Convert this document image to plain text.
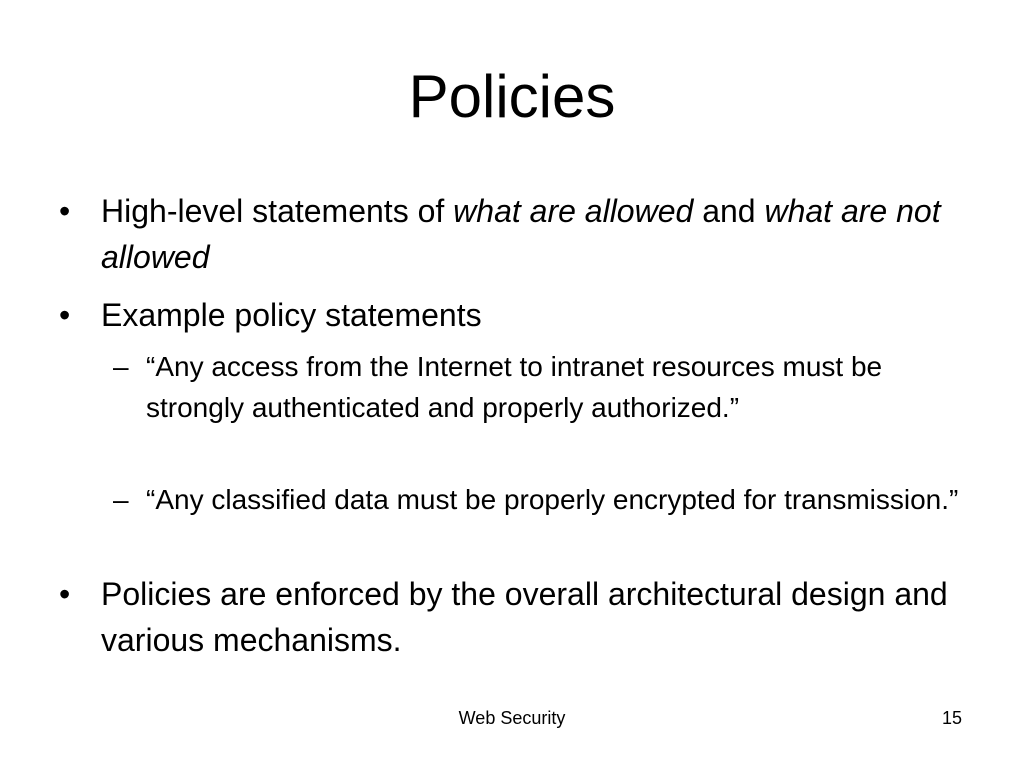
Policies

• High-level statements of what are allowed and what are not allowed

• Example policy statements

– “Any access from the Internet to intranet resources must be strongly authenticated and properly authorized.”

– “Any classified data must be properly encrypted for transmission.”

• Policies are enforced by the overall architectural design and various mechanisms.

Web Security	15
